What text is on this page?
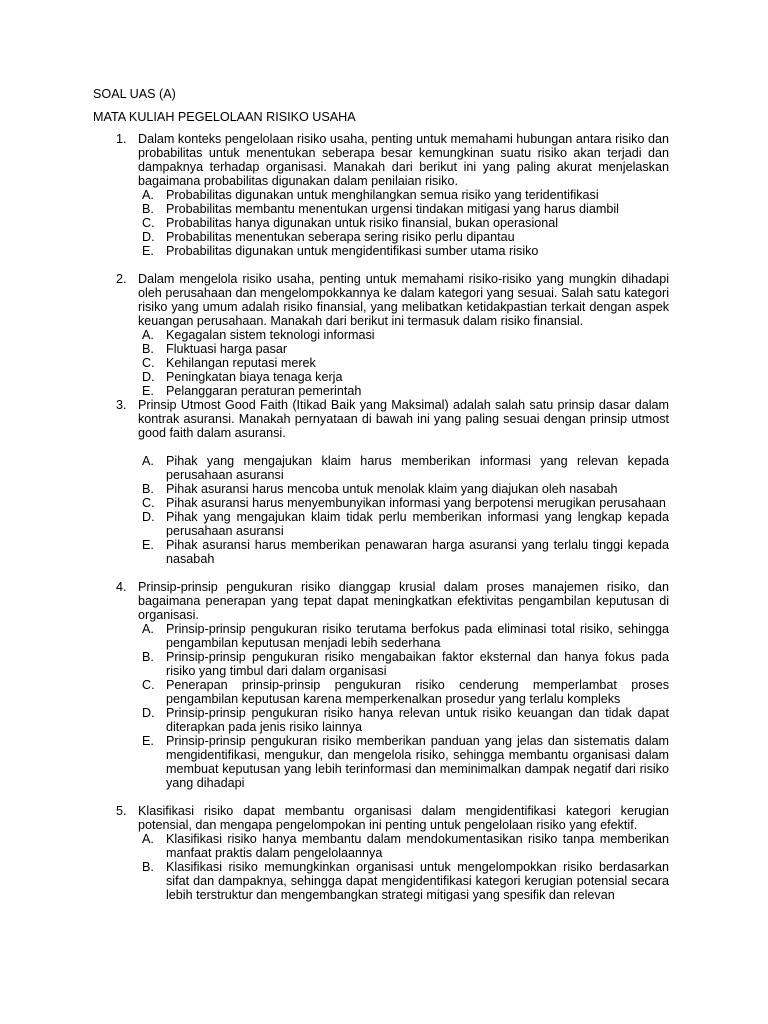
SOAL UAS (A)

MATA KULIAH PEGELOLAAN RISIKO USAHA

1. Dalam konteks pengelolaan risiko usaha, penting untuk memahami hubungan antara risiko dan probabilitas untuk menentukan seberapa besar kemungkinan suatu risiko akan terjadi dan dampaknya terhadap organisasi. Manakah dari berikut ini yang paling akurat menjelaskan bagaimana probabilitas digunakan dalam penilaian risiko.

A. Probabilitas digunakan untuk menghilangkan semua risiko yang teridentifikasi
B. Probabilitas membantu menentukan urgensi tindakan mitigasi yang harus diambil
C. Probabilitas hanya digunakan untuk risiko finansial, bukan operasional
D. Probabilitas menentukan seberapa sering risiko perlu dipantau
E. Probabilitas digunakan untuk mengidentifikasi sumber utama risiko
2. Dalam mengelola risiko usaha, penting untuk memahami risiko-risiko yang mungkin dihadapi oleh perusahaan dan mengelompokkannya ke dalam kategori yang sesuai. Salah satu kategori risiko yang umum adalah risiko finansial, yang melibatkan ketidakpastian terkait dengan aspek keuangan perusahaan. Manakah dari berikut ini termasuk dalam risiko finansial.

A. Kegagalan sistem teknologi informasi
B. Fluktuasi harga pasar
C. Kehilangan reputasi merek
D. Peningkatan biaya tenaga kerja
E. Pelanggaran peraturan pemerintah
3. Prinsip Utmost Good Faith (Itikad Baik yang Maksimal) adalah salah satu prinsip dasar dalam kontrak asuransi. Manakah pernyataan di bawah ini yang paling sesuai dengan prinsip utmost good faith dalam asuransi.

A. Pihak yang mengajukan klaim harus memberikan informasi yang relevan kepada perusahaan asuransi
B. Pihak asuransi harus mencoba untuk menolak klaim yang diajukan oleh nasabah
C. Pihak asuransi harus menyembunyikan informasi yang berpotensi merugikan perusahaan
D. Pihak yang mengajukan klaim tidak perlu memberikan informasi yang lengkap kepada perusahaan asuransi
E. Pihak asuransi harus memberikan penawaran harga asuransi yang terlalu tinggi kepada nasabah
4. Prinsip-prinsip pengukuran risiko dianggap krusial dalam proses manajemen risiko, dan bagaimana penerapan yang tepat dapat meningkatkan efektivitas pengambilan keputusan di organisasi.

A. Prinsip-prinsip pengukuran risiko terutama berfokus pada eliminasi total risiko, sehingga pengambilan keputusan menjadi lebih sederhana
B. Prinsip-prinsip pengukuran risiko mengabaikan faktor eksternal dan hanya fokus pada risiko yang timbul dari dalam organisasi
C. Penerapan prinsip-prinsip pengukuran risiko cenderung memperlambat proses pengambilan keputusan karena memperkenalkan prosedur yang terlalu kompleks
D. Prinsip-prinsip pengukuran risiko hanya relevan untuk risiko keuangan dan tidak dapat diterapkan pada jenis risiko lainnya
E. Prinsip-prinsip pengukuran risiko memberikan panduan yang jelas dan sistematis dalam mengidentifikasi, mengukur, dan mengelola risiko, sehingga membantu organisasi dalam membuat keputusan yang lebih terinformasi dan meminimalkan dampak negatif dari risiko yang dihadapi
5. Klasifikasi risiko dapat membantu organisasi dalam mengidentifikasi kategori kerugian potensial, dan mengapa pengelompokan ini penting untuk pengelolaan risiko yang efektif.

A. Klasifikasi risiko hanya membantu dalam mendokumentasikan risiko tanpa memberikan manfaat praktis dalam pengelolaannya
B. Klasifikasi risiko memungkinkan organisasi untuk mengelompokkan risiko berdasarkan sifat dan dampaknya, sehingga dapat mengidentifikasi kategori kerugian potensial secara lebih terstruktur dan mengembangkan strategi mitigasi yang spesifik dan relevan
